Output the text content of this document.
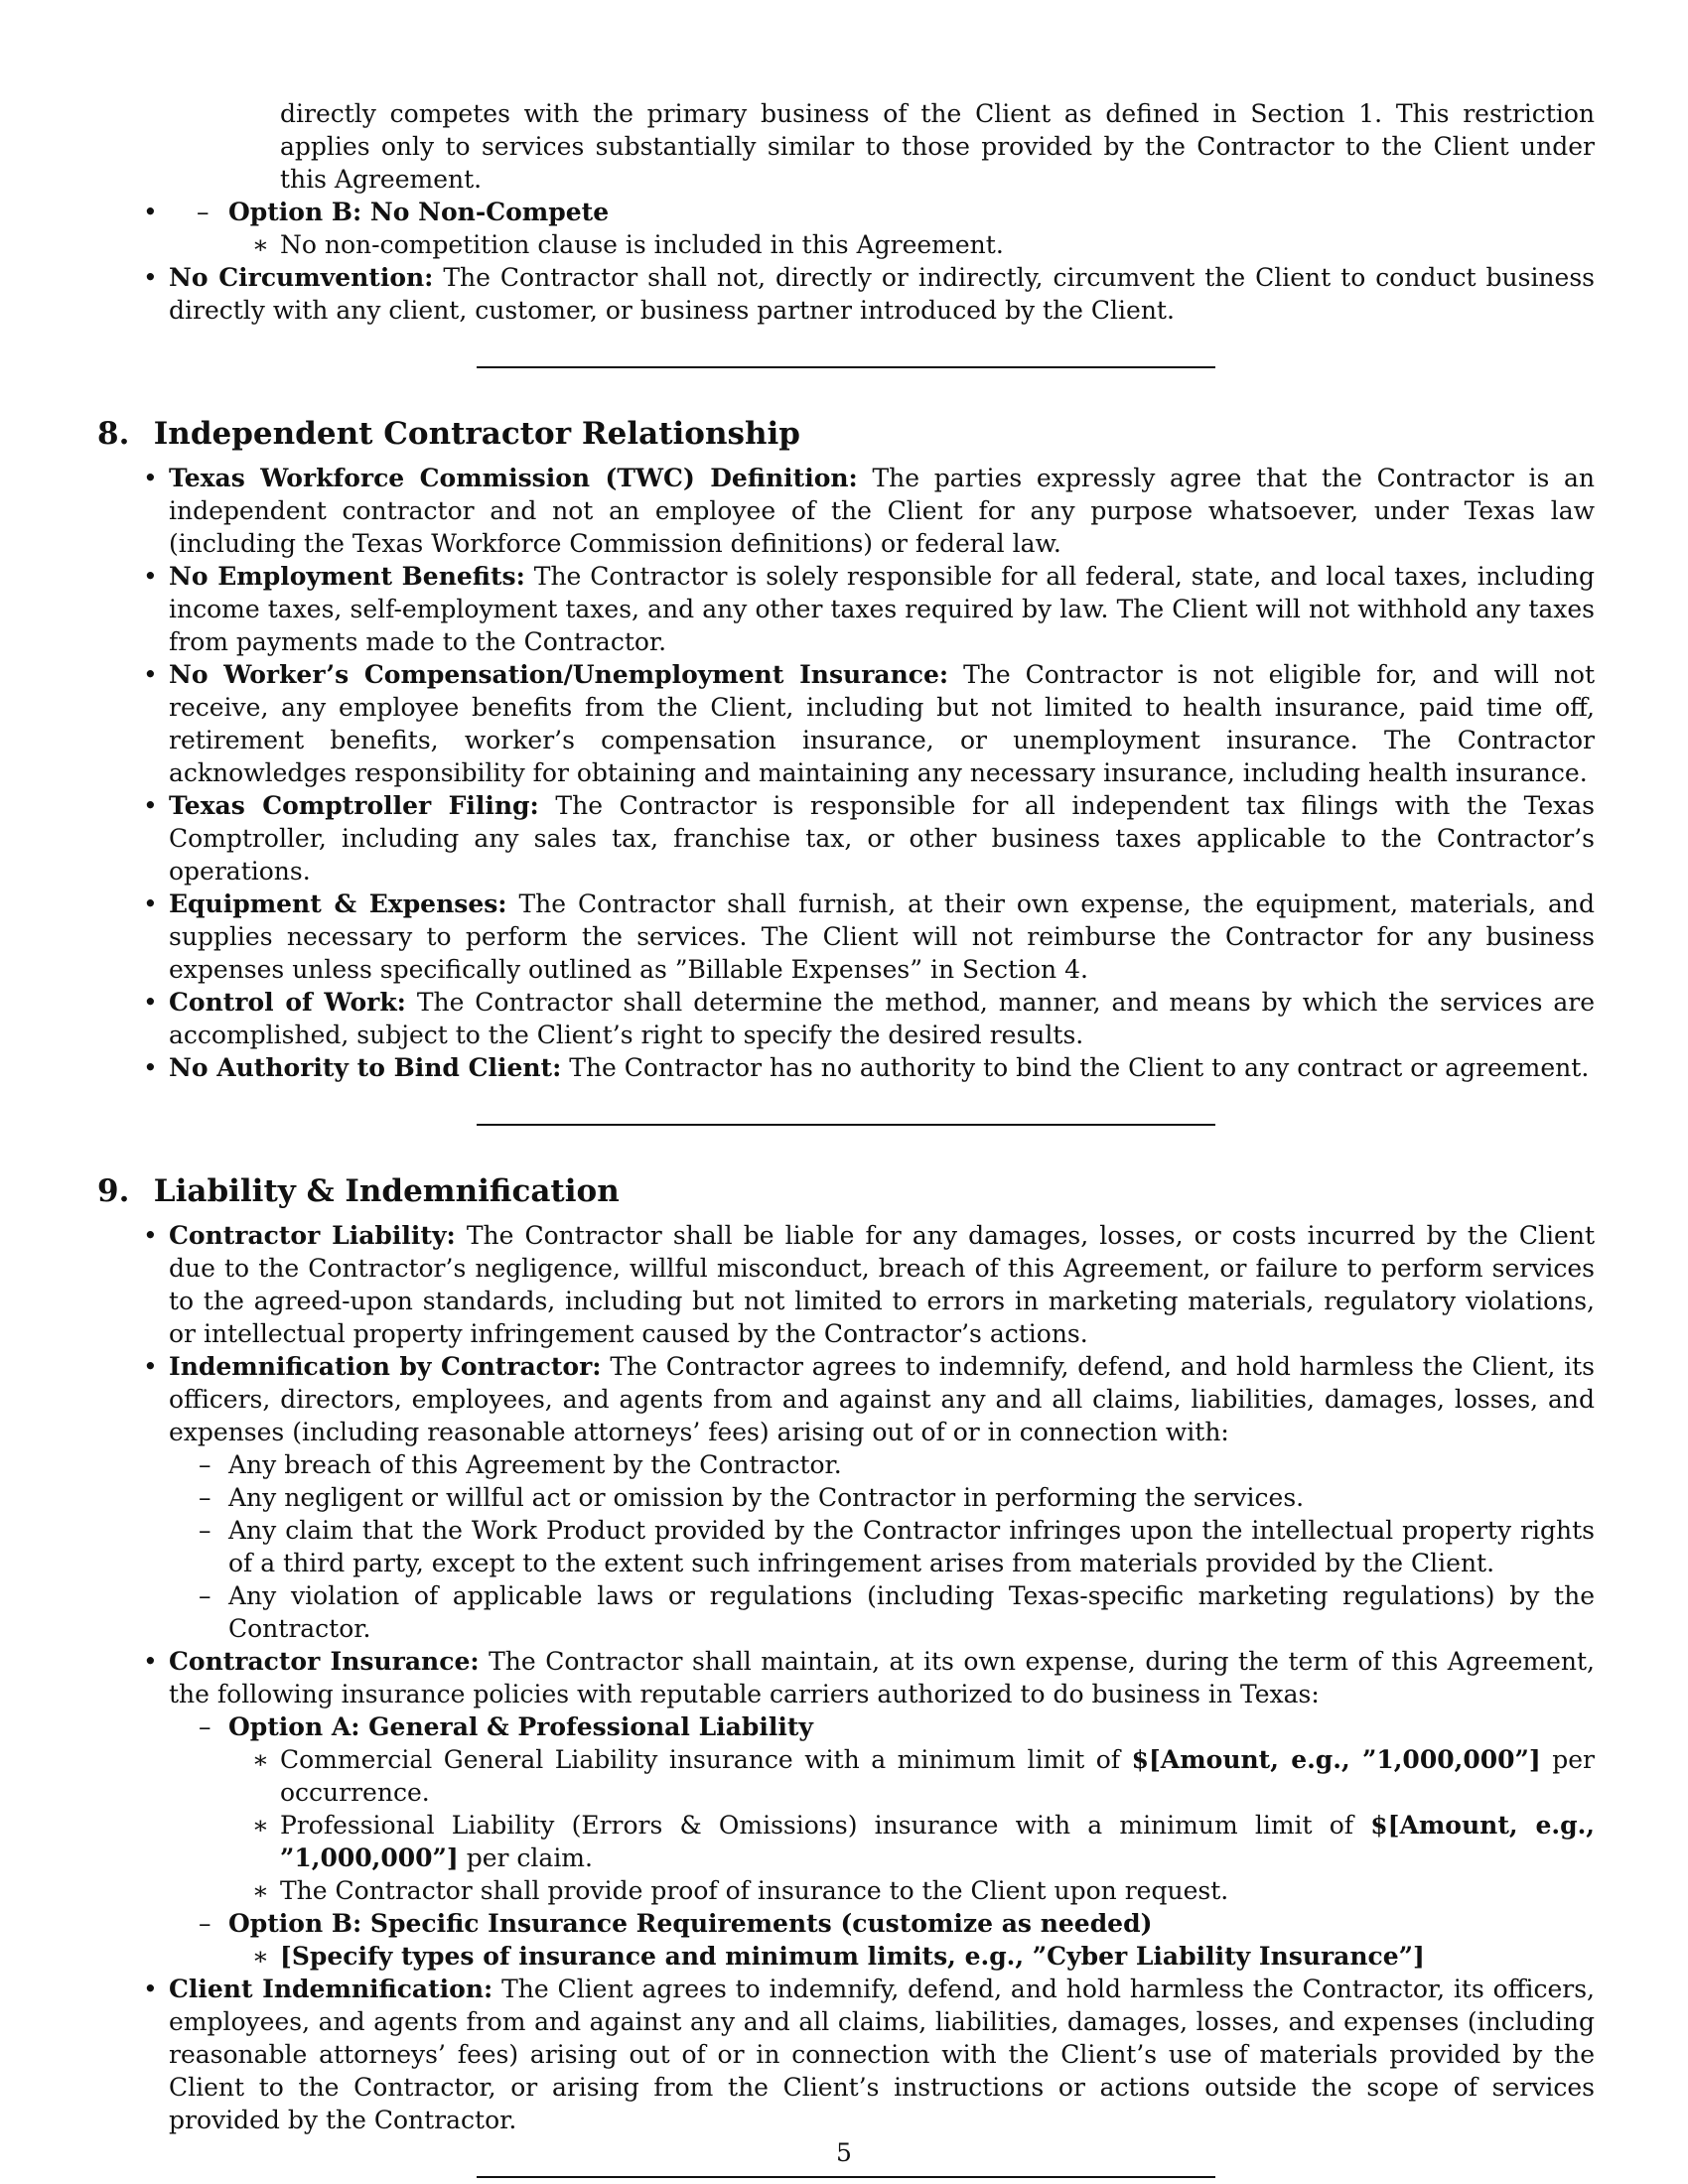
directly competes with the primary business of the Client as defined in Section 1. This restriction applies only to services substantially similar to those provided by the Contractor to the Client under this Agreement.

– Option B: No Non-Compete
∗ No non-competition clause is included in this Agreement.
• No Circumvention: The Contractor shall not, directly or indirectly, circumvent the Client to conduct business directly with any client, customer, or business partner introduced by the Client.
8. Independent Contractor Relationship
• Texas Workforce Commission (TWC) Definition: The parties expressly agree that the Contractor is an independent contractor and not an employee of the Client for any purpose whatsoever, under Texas law (including the Texas Workforce Commission definitions) or federal law.
• No Employment Benefits: The Contractor is solely responsible for all federal, state, and local taxes, including income taxes, self-employment taxes, and any other taxes required by law. The Client will not withhold any taxes from payments made to the Contractor.
• No Worker’s Compensation/Unemployment Insurance: The Contractor is not eligible for, and will not receive, any employee benefits from the Client, including but not limited to health insurance, paid time off, retirement benefits, worker’s compensation insurance, or unemployment insurance. The Contractor acknowledges responsibility for obtaining and maintaining any necessary insurance, including health insurance.
• Texas Comptroller Filing: The Contractor is responsible for all independent tax filings with the Texas Comptroller, including any sales tax, franchise tax, or other business taxes applicable to the Contractor’s operations.
• Equipment & Expenses: The Contractor shall furnish, at their own expense, the equipment, materials, and supplies necessary to perform the services. The Client will not reimburse the Contractor for any business expenses unless specifically outlined as ”Billable Expenses” in Section 4.
• Control of Work: The Contractor shall determine the method, manner, and means by which the services are accomplished, subject to the Client’s right to specify the desired results.
• No Authority to Bind Client: The Contractor has no authority to bind the Client to any contract or agreement.
9. Liability & Indemnification
• Contractor Liability: The Contractor shall be liable for any damages, losses, or costs incurred by the Client due to the Contractor’s negligence, willful misconduct, breach of this Agreement, or failure to perform services to the agreed-upon standards, including but not limited to errors in marketing materials, regulatory violations, or intellectual property infringement caused by the Contractor’s actions.
• Indemnification by Contractor: The Contractor agrees to indemnify, defend, and hold harmless the Client, its officers, directors, employees, and agents from and against any and all claims, liabilities, damages, losses, and expenses (including reasonable attorneys’ fees) arising out of or in connection with:
– Any breach of this Agreement by the Contractor.
– Any negligent or willful act or omission by the Contractor in performing the services.
– Any claim that the Work Product provided by the Contractor infringes upon the intellectual property rights of a third party, except to the extent such infringement arises from materials provided by the Client.
– Any violation of applicable laws or regulations (including Texas-specific marketing regulations) by the Contractor.
• Contractor Insurance: The Contractor shall maintain, at its own expense, during the term of this Agreement, the following insurance policies with reputable carriers authorized to do business in Texas:
– Option A: General & Professional Liability
∗ Commercial General Liability insurance with a minimum limit of $[Amount, e.g., ”1,000,000”] per occurrence.
∗ Professional Liability (Errors & Omissions) insurance with a minimum limit of $[Amount, e.g., ”1,000,000”] per claim.
∗ The Contractor shall provide proof of insurance to the Client upon request.
– Option B: Specific Insurance Requirements (customize as needed)
∗ [Specify types of insurance and minimum limits, e.g., ”Cyber Liability Insurance”]
• Client Indemnification: The Client agrees to indemnify, defend, and hold harmless the Contractor, its officers, employees, and agents from and against any and all claims, liabilities, damages, losses, and expenses (including reasonable attorneys’ fees) arising out of or in connection with the Client’s use of materials provided by the Client to the Contractor, or arising from the Client’s instructions or actions outside the scope of services provided by the Contractor.
5
